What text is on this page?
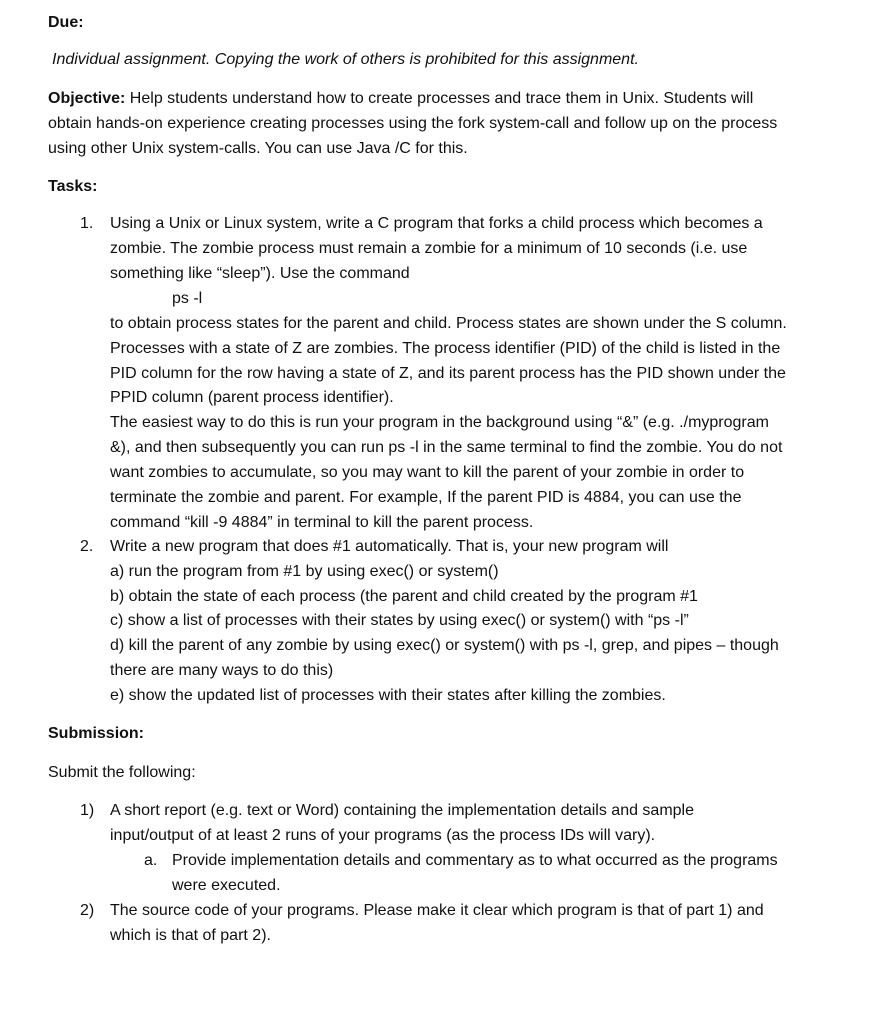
Due:
Individual assignment. Copying the work of others is prohibited for this assignment.
Objective: Help students understand how to create processes and trace them in Unix. Students will
obtain hands-on experience creating processes using the fork system-call and follow up on the process
using other Unix system-calls. You can use Java /C for this.
Tasks:
1. Using a Unix or Linux system, write a C program that forks a child process which becomes a
zombie. The zombie process must remain a zombie for a minimum of 10 seconds (i.e. use
something like “sleep”). Use the command
ps -l
to obtain process states for the parent and child. Process states are shown under the S column.
Processes with a state of Z are zombies. The process identifier (PID) of the child is listed in the
PID column for the row having a state of Z, and its parent process has the PID shown under the
PPID column (parent process identifier).
The easiest way to do this is run your program in the background using “&” (e.g. ./myprogram
&), and then subsequently you can run ps -l in the same terminal to find the zombie. You do not
want zombies to accumulate, so you may want to kill the parent of your zombie in order to
terminate the zombie and parent. For example, If the parent PID is 4884, you can use the
command “kill -9 4884” in terminal to kill the parent process.
2. Write a new program that does #1 automatically. That is, your new program will
a) run the program from #1 by using exec() or system()
b) obtain the state of each process (the parent and child created by the program #1
c) show a list of processes with their states by using exec() or system() with “ps -l”
d) kill the parent of any zombie by using exec() or system() with ps -l, grep, and pipes – though
there are many ways to do this)
e) show the updated list of processes with their states after killing the zombies.
Submission:
Submit the following:
1) A short report (e.g. text or Word) containing the implementation details and sample
input/output of at least 2 runs of your programs (as the process IDs will vary).
a. Provide implementation details and commentary as to what occurred as the programs
were executed.
2) The source code of your programs. Please make it clear which program is that of part 1) and
which is that of part 2).
